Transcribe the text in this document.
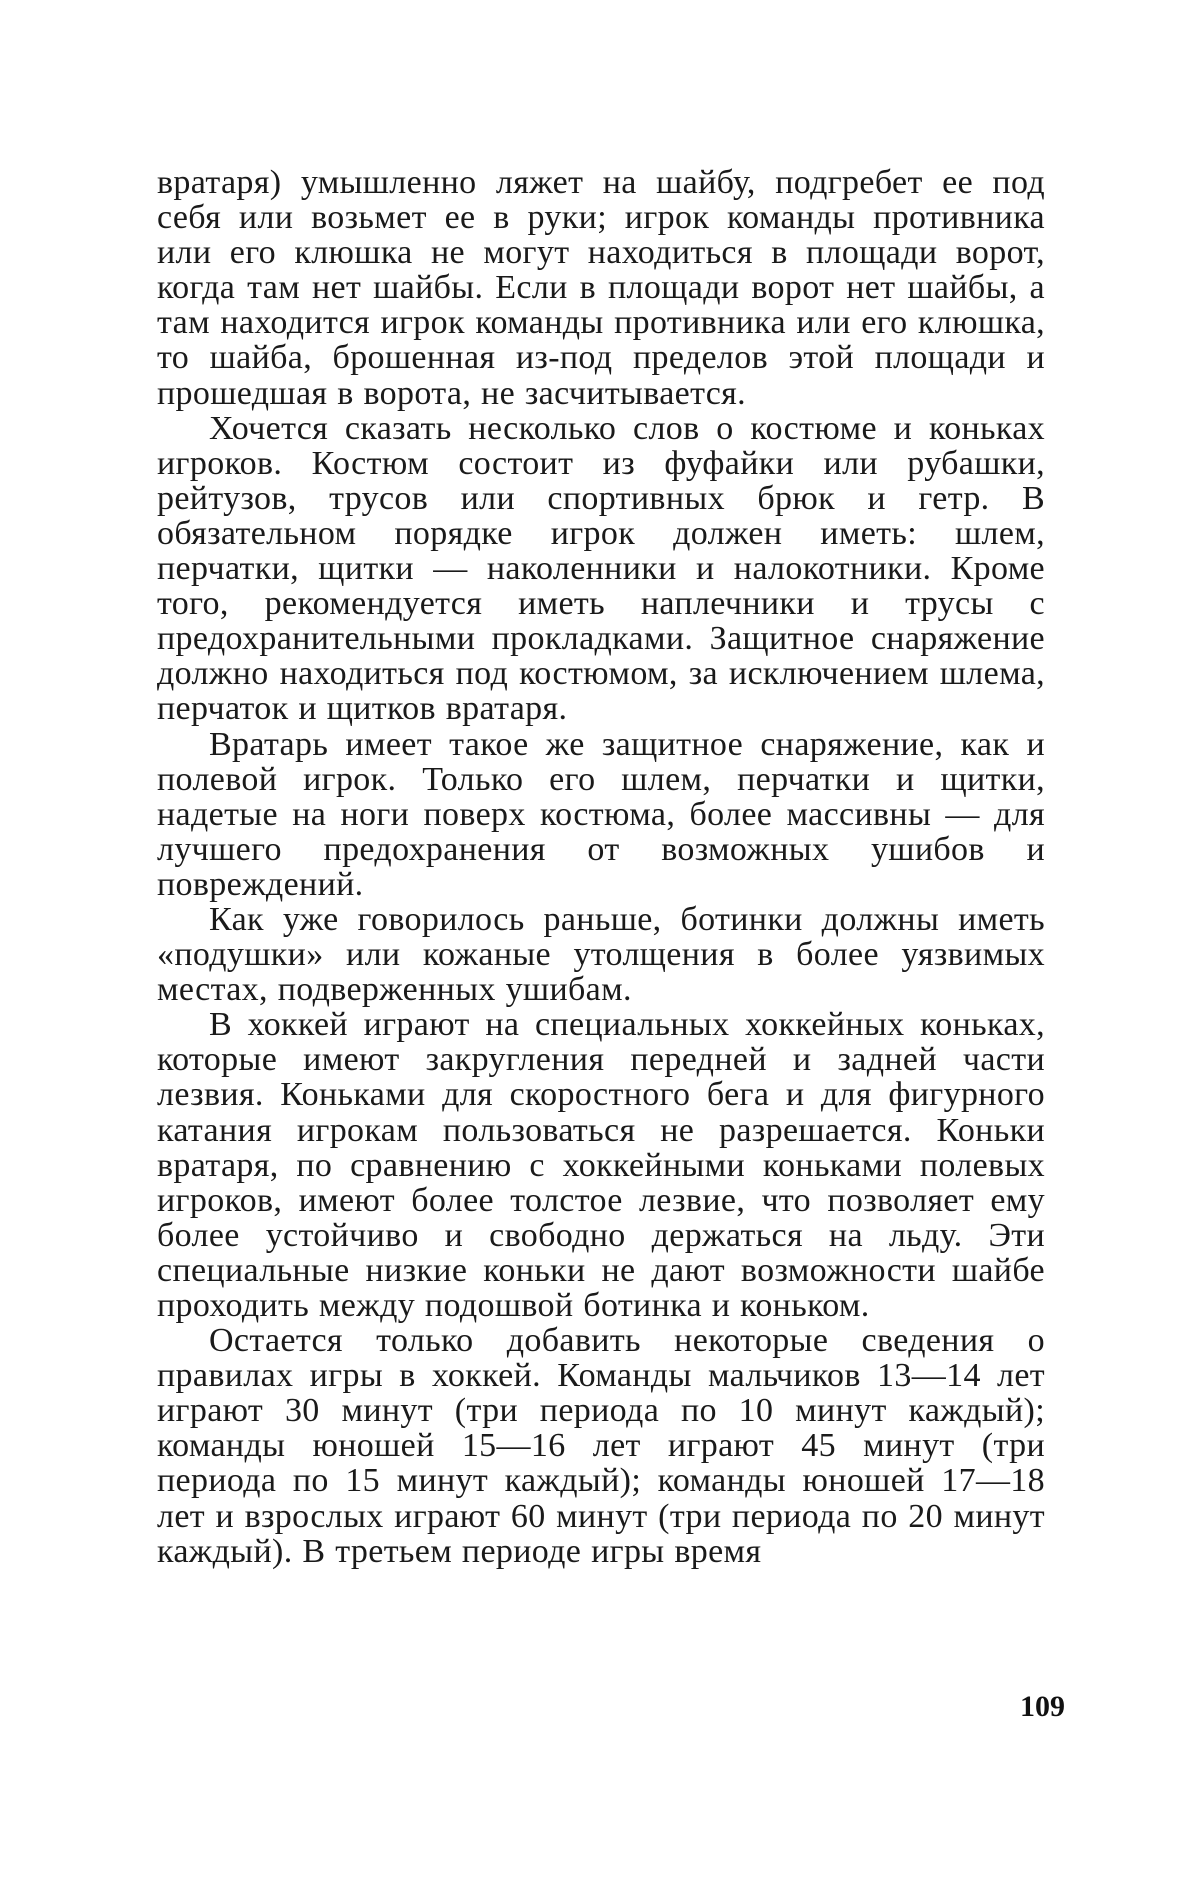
вратаря) умышленно ляжет на шайбу, подгребет ее под себя или возьмет ее в руки; игрок команды противника или его клюшка не могут находиться в площади ворот, когда там нет шайбы. Если в площади ворот нет шайбы, а там находится игрок команды противника или его клюшка, то шайба, брошенная из-под пределов этой площади и прошедшая в ворота, не засчитывается.

Хочется сказать несколько слов о костюме и коньках игроков. Костюм состоит из фуфайки или рубашки, рейтузов, трусов или спортивных брюк и гетр. В обязательном порядке игрок должен иметь: шлем, перчатки, щитки — наколенники и налокотники. Кроме того, рекомендуется иметь наплечники и трусы с предохранительными прокладками. Защитное снаряжение должно находиться под костюмом, за исключением шлема, перчаток и щитков вратаря.

Вратарь имеет такое же защитное снаряжение, как и полевой игрок. Только его шлем, перчатки и щитки, надетые на ноги поверх костюма, более массивны — для лучшего предохранения от возможных ушибов и повреждений.

Как уже говорилось раньше, ботинки должны иметь «подушки» или кожаные утолщения в более уязвимых местах, подверженных ушибам.

В хоккей играют на специальных хоккейных коньках, которые имеют закругления передней и задней части лезвия. Коньками для скоростного бега и для фигурного катания игрокам пользоваться не разрешается. Коньки вратаря, по сравнению с хоккейными коньками полевых игроков, имеют более толстое лезвие, что позволяет ему более устойчиво и свободно держаться на льду. Эти специальные низкие коньки не дают возможности шайбе проходить между подошвой ботинка и коньком.

Остается только добавить некоторые сведения о правилах игры в хоккей. Команды мальчиков 13—14 лет играют 30 минут (три периода по 10 минут каждый); команды юношей 15—16 лет играют 45 минут (три периода по 15 минут каждый); команды юношей 17—18 лет и взрослых играют 60 минут (три периода по 20 минут каждый). В третьем периоде игры время

109
